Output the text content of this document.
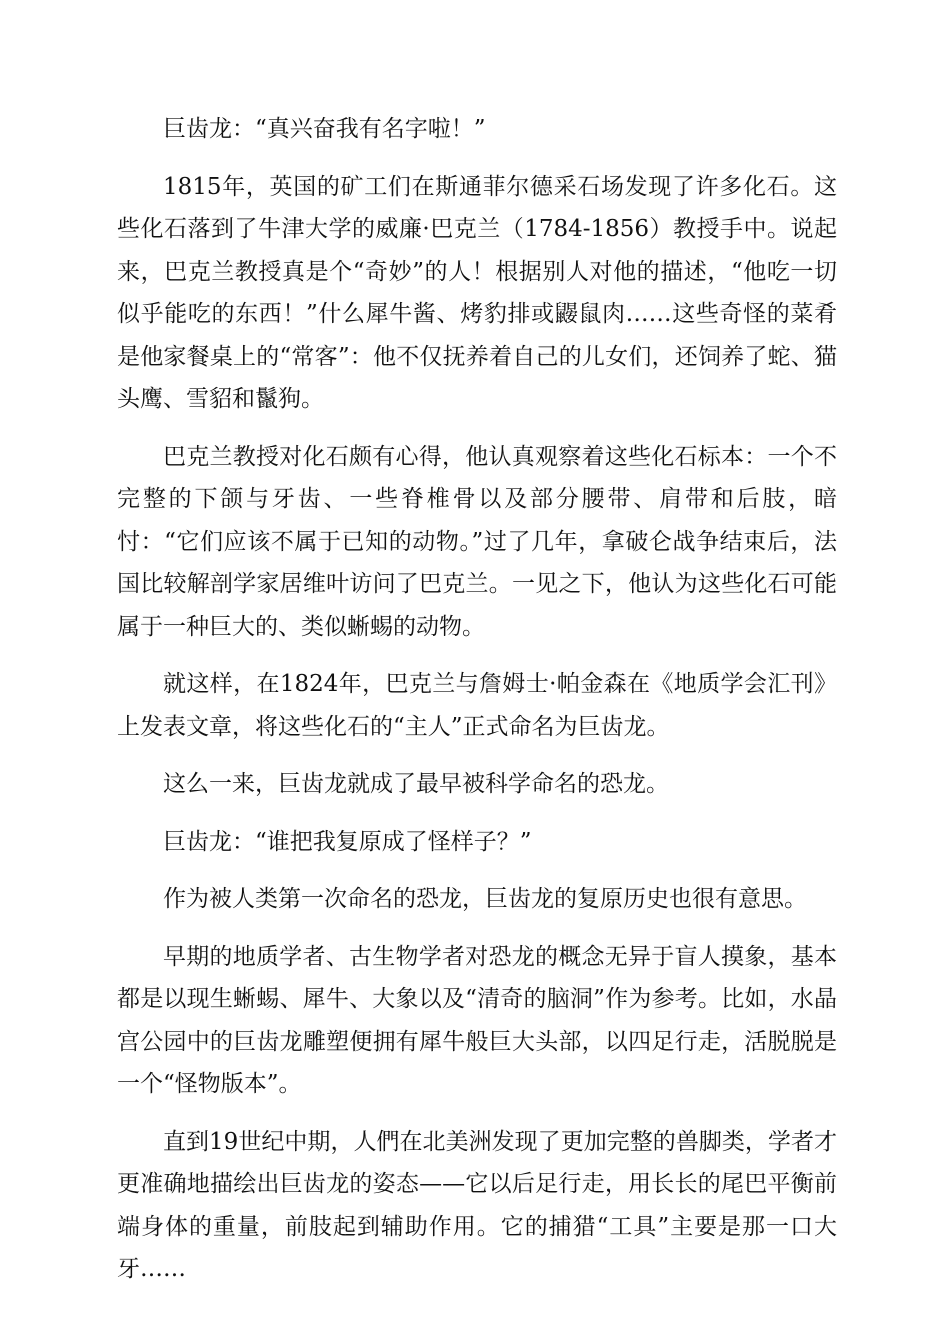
巨齿龙：“真兴奋我有名字啦！”

1815年，英国的矿工们在斯通菲尔德采石场发现了许多化石。这些化石落到了牛津大学的威廉·巴克兰（1784-1856）教授手中。说起来，巴克兰教授真是个“奇妙”的人！根据别人对他的描述，“他吃一切似乎能吃的东西！”什么犀牛酱、烤豹排或鼹鼠肉……这些奇怪的菜肴是他家餐桌上的“常客”：他不仅抚养着自己的儿女们，还饲养了蛇、猫头鹰、雪貂和鬣狗。

巴克兰教授对化石颇有心得，他认真观察着这些化石标本：一个不完整的下颌与牙齿、一些脊椎骨以及部分腰带、肩带和后肢，暗忖：“它们应该不属于已知的动物。”过了几年，拿破仑战争结束后，法国比较解剖学家居维叶访问了巴克兰。一见之下，他认为这些化石可能属于一种巨大的、类似蜥蜴的动物。

就这样，在1824年，巴克兰与詹姆士·帕金森在《地质学会汇刊》上发表文章，将这些化石的“主人”正式命名为巨齿龙。

这么一来，巨齿龙就成了最早被科学命名的恐龙。

巨齿龙：“谁把我复原成了怪样子？”

作为被人类第一次命名的恐龙，巨齿龙的复原历史也很有意思。

早期的地质学者、古生物学者对恐龙的概念无异于盲人摸象，基本都是以现生蜥蜴、犀牛、大象以及“清奇的脑洞”作为参考。比如，水晶宫公园中的巨齿龙雕塑便拥有犀牛般巨大头部，以四足行走，活脱脱是一个“怪物版本”。

直到19世纪中期，人們在北美洲发现了更加完整的兽脚类，学者才更准确地描绘出巨齿龙的姿态——它以后足行走，用长长的尾巴平衡前端身体的重量，前肢起到辅助作用。它的捕猎“工具”主要是那一口大牙……
